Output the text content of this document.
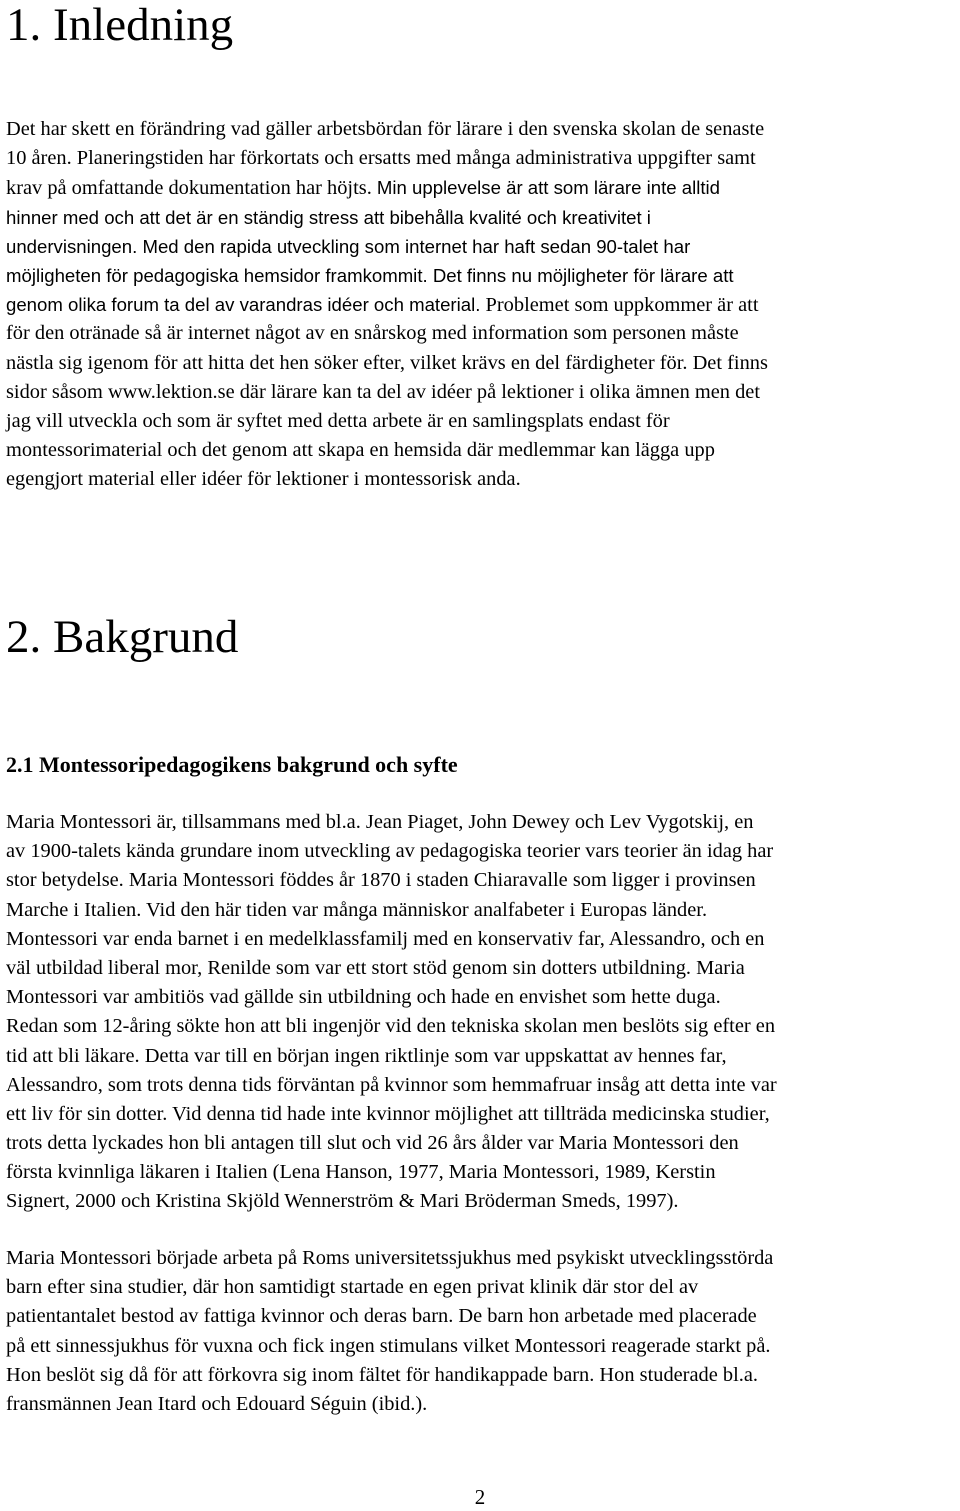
1. Inledning
Det har skett en förändring vad gäller arbetsbördan för lärare i den svenska skolan de senaste
10 åren. Planeringstiden har förkortats och ersatts med många administrativa uppgifter samt
krav på omfattande dokumentation har höjts. Min upplevelse är att som lärare inte alltid
hinner med och att det är en ständig stress att bibehålla kvalité och kreativitet i
undervisningen. Med den rapida utveckling som internet har haft sedan 90-talet har
möjligheten för pedagogiska hemsidor framkommit. Det finns nu möjligheter för lärare att
genom olika forum ta del av varandras idéer och material. Problemet som uppkommer är att
för den otränade så är internet något av en snårskog med information som personen måste
nästla sig igenom för att hitta det hen söker efter, vilket krävs en del färdigheter för. Det finns
sidor såsom www.lektion.se där lärare kan ta del av idéer på lektioner i olika ämnen men det
jag vill utveckla och som är syftet med detta arbete är en samlingsplats endast för
montessorimaterial och det genom att skapa en hemsida där medlemmar kan lägga upp
egengjort material eller idéer för lektioner i montessorisk anda.
2. Bakgrund
2.1 Montessoripedagogikens bakgrund och syfte
Maria Montessori är, tillsammans med bl.a. Jean Piaget, John Dewey och Lev Vygotskij, en
av 1900-talets kända grundare inom utveckling av pedagogiska teorier vars teorier än idag har
stor betydelse. Maria Montessori föddes år 1870 i staden Chiaravalle som ligger i provinsen
Marche i Italien. Vid den här tiden var många människor analfabeter i Europas länder.
Montessori var enda barnet i en medelklassfamilj med en konservativ far, Alessandro, och en
väl utbildad liberal mor, Renilde som var ett stort stöd genom sin dotters utbildning. Maria
Montessori var ambitiös vad gällde sin utbildning och hade en envishet som hette duga.
Redan som 12-åring sökte hon att bli ingenjör vid den tekniska skolan men beslöts sig efter en
tid att bli läkare. Detta var till en början ingen riktlinje som var uppskattat av hennes far,
Alessandro, som trots denna tids förväntan på kvinnor som hemmafruar insåg att detta inte var
ett liv för sin dotter. Vid denna tid hade inte kvinnor möjlighet att tillträda medicinska studier,
trots detta lyckades hon bli antagen till slut och vid 26 års ålder var Maria Montessori den
första kvinnliga läkaren i Italien (Lena Hanson, 1977, Maria Montessori, 1989, Kerstin
Signert, 2000 och Kristina Skjöld Wennerström & Mari Bröderman Smeds, 1997).
Maria Montessori började arbeta på Roms universitetssjukhus med psykiskt utvecklingsstörda
barn efter sina studier, där hon samtidigt startade en egen privat klinik där stor del av
patientantalet bestod av fattiga kvinnor och deras barn. De barn hon arbetade med placerade
på ett sinnessjukhus för vuxna och fick ingen stimulans vilket Montessori reagerade starkt på.
Hon beslöt sig då för att förkovra sig inom fältet för handikappade barn. Hon studerade bl.a.
fransmännen Jean Itard och Edouard Séguin (ibid.).
2
